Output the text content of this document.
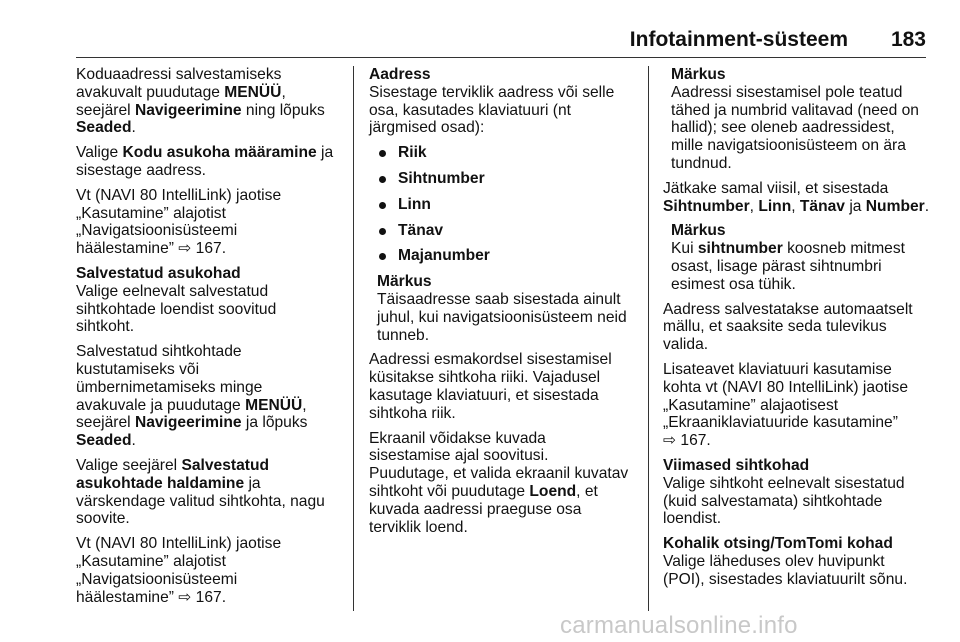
Infotainment-süsteem 183

Koduaadressi salvestamiseks
avakuvalt puudutage MENÜÜ,
seejärel Navigeerimine ning lõpuks
Seaded.

Valige Kodu asukoha määramine ja
sisestage aadress.

Vt (NAVI 80 IntelliLink) jaotise
„Kasutamine” alajotist
„Navigatsioonisüsteemi
häälestamine” ⇨ 167.

Salvestatud asukohad

Valige eelnevalt salvestatud
sihtkohtade loendist soovitud
sihtkoht.

Salvestatud sihtkohtade
kustutamiseks või
ümbernimetamiseks minge
avakuvale ja puudutage MENÜÜ,
seejärel Navigeerimine ja lõpuks
Seaded.

Valige seejärel Salvestatud
asukohtade haldamine ja
värskendage valitud sihtkohta, nagu
soovite.

Vt (NAVI 80 IntelliLink) jaotise
„Kasutamine” alajotist
„Navigatsioonisüsteemi
häälestamine” ⇨ 167.

Aadress

Sisestage terviklik aadress või selle
osa, kasutades klaviatuuri (nt
järgmised osad):

Riik
Sihtnumber
Linn
Tänav
Majanumber
Märkus
Täisaadresse saab sisestada ainult
juhul, kui navigatsioonisüsteem neid
tunneb.

Aadressi esmakordsel sisestamisel
küsitakse sihtkoha riiki. Vajadusel
kasutage klaviatuuri, et sisestada
sihtkoha riik.

Ekraanil võidakse kuvada
sisestamise ajal soovitusi.
Puudutage, et valida ekraanil kuvatav
sihtkoht või puudutage Loend, et
kuvada aadressi praeguse osa
terviklik loend.

Märkus
Aadressi sisestamisel pole teatud
tähed ja numbrid valitavad (need on
hallid); see oleneb aadressidest,
mille navigatsioonisüsteem on ära
tundnud.

Jätkake samal viisil, et sisestada
Sihtnumber, Linn, Tänav ja Number.

Märkus
Kui sihtnumber koosneb mitmest
osast, lisage pärast sihtnumbri
esimest osa tühik.

Aadress salvestatakse automaatselt
mällu, et saaksite seda tulevikus
valida.

Lisateavet klaviatuuri kasutamise
kohta vt (NAVI 80 IntelliLink) jaotise
„Kasutamine” alajaotisest
„Ekraaniklaviatuuride kasutamine”
⇨ 167.

Viimased sihtkohad

Valige sihtkoht eelnevalt sisestatud
(kuid salvestamata) sihtkohtade
loendist.

Kohalik otsing/TomTomi kohad

Valige läheduses olev huvipunkt
(POI), sisestades klaviatuurilt sõnu.

carmanualsonline.info
